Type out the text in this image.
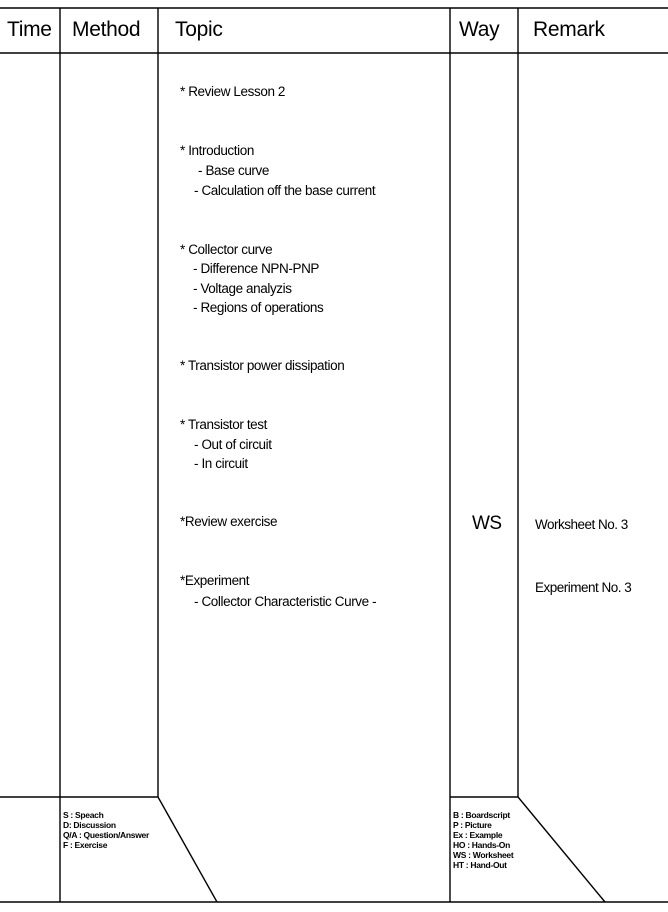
Time Method Topic	Way Remark
* Review Lesson 2
* Introduction
- Base curve
- Calculation off the base current
* Collector curve
- Difference NPN-PNP
- Voltage analyzis
- Regions of operations
* Transistor power dissipation
* Transistor test
- Out of circuit
- In circuit
*Review exercise
*Experiment
- Collector Characteristic Curve -
WS Worksheet No. 3
Experiment No. 3
S : Speach
D: Discussion
Q/A : Question/Answer
F : Exercise
B : Boardscript
P : Picture
Ex : Example
HO : Hands-On
WS : Worksheet
HT : Hand-Out
